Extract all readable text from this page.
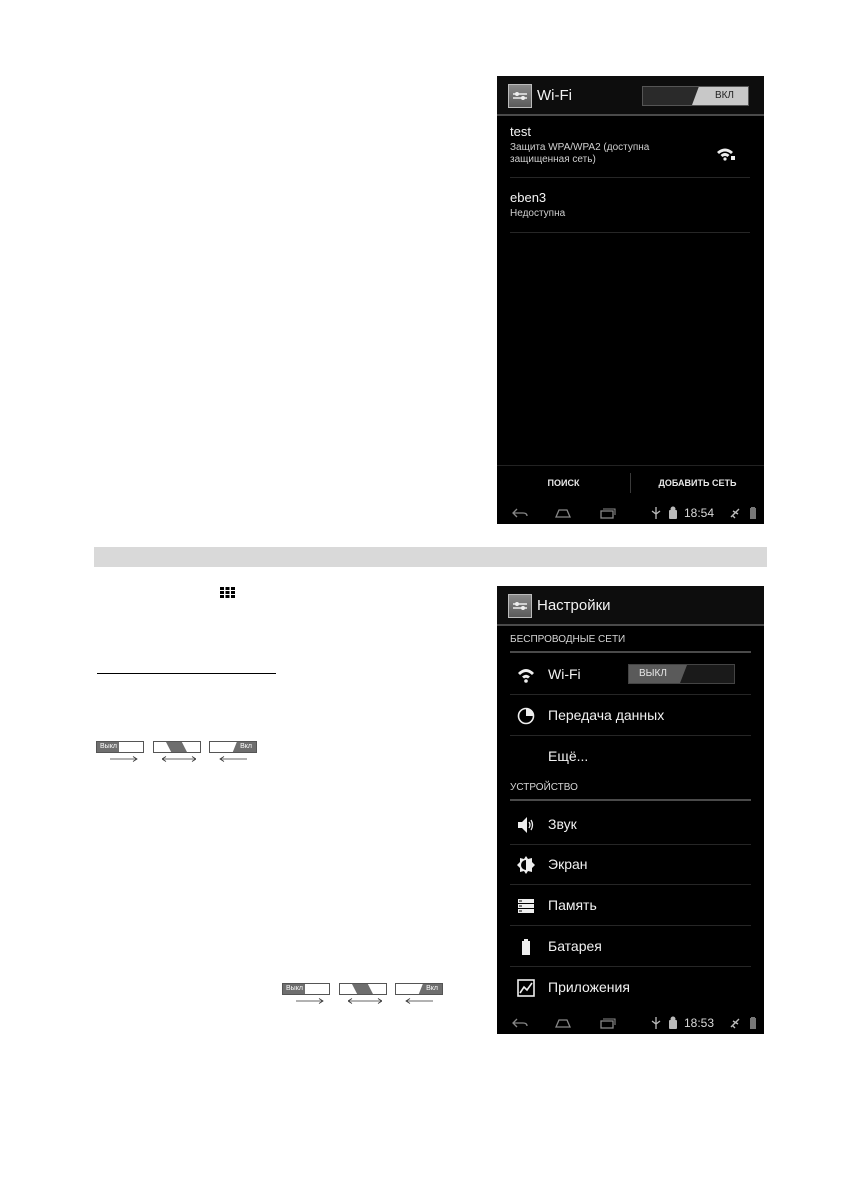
Wi-Fi	ВКЛ
test
Защита WPA/WPA2 (доступна защищенная сеть)
eben3
Недоступна
ПОИСК	ДОБАВИТЬ СЕТЬ
18:54
Выкл	Вкл
Выкл	Вкл
Настройки
БЕСПРОВОДНЫЕ СЕТИ
Wi-Fi	ВЫКЛ
Передача данных
Ещё...
УСТРОЙСТВО
Звук
Экран
Память
Батарея
Приложения
18:53
